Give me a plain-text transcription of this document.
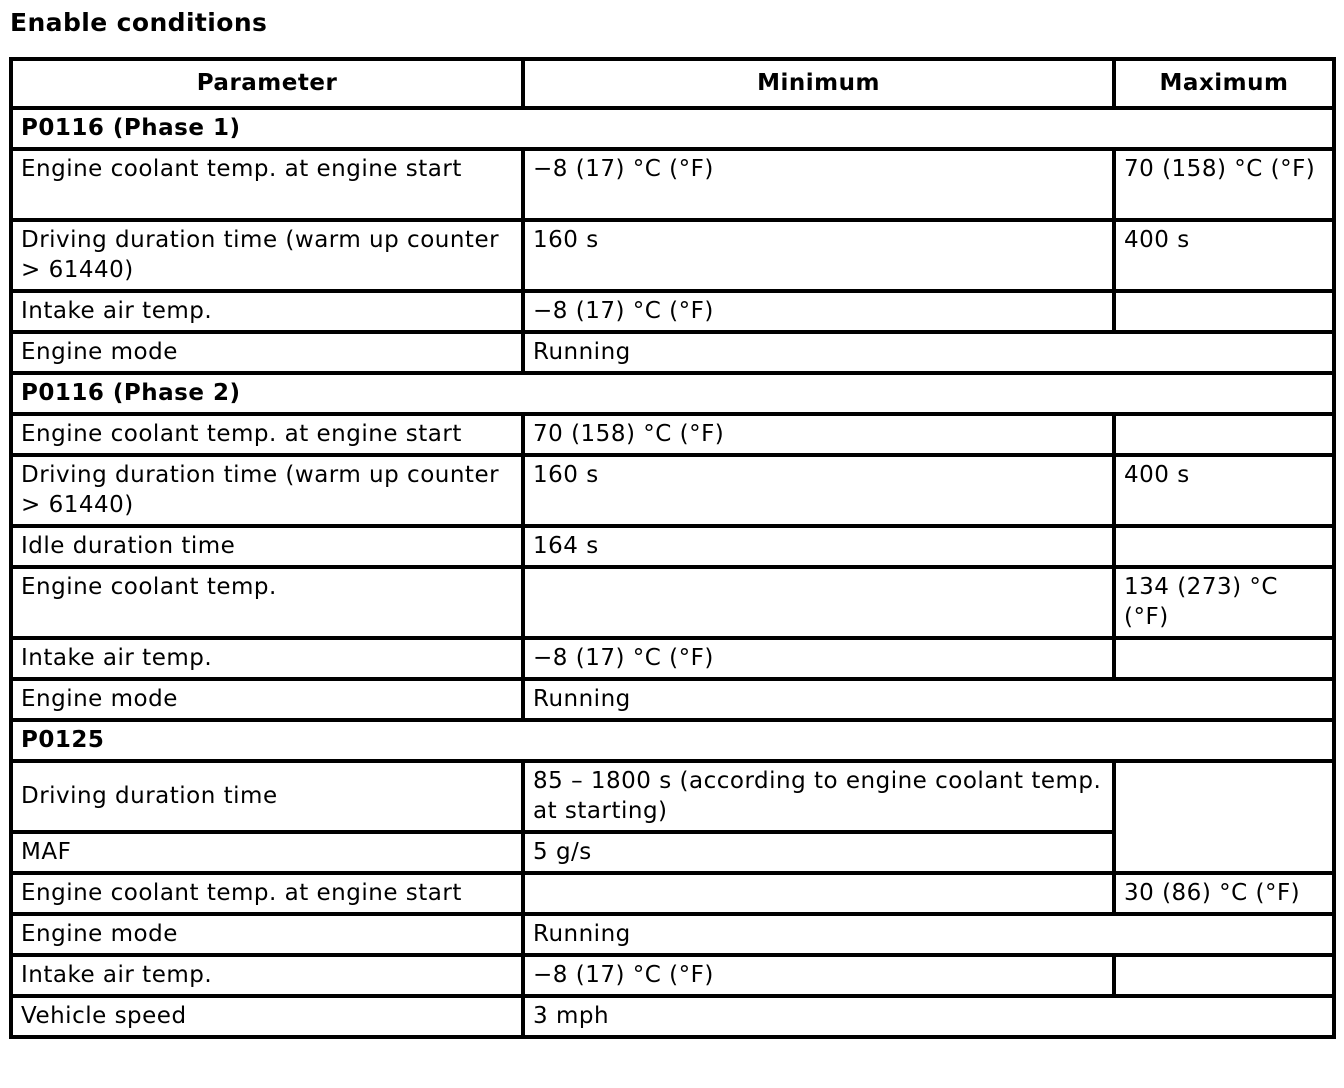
Enable conditions
Parameter	Minimum	Maximum
P0116 (Phase 1)		
Engine coolant temp. at engine start	−8 (17) °C (°F)	70 (158) °C (°F)
Driving duration time (warm up counter > 61440)	160 s	400 s
Intake air temp.	−8 (17) °C (°F)	
Engine mode	Running	
P0116 (Phase 2)		
Engine coolant temp. at engine start	70 (158) °C (°F)	
Driving duration time (warm up counter > 61440)	160 s	400 s
Idle duration time	164 s	
Engine coolant temp.		134 (273) °C (°F)
Intake air temp.	−8 (17) °C (°F)	
Engine mode	Running	
P0125		
Driving duration time	85 – 1800 s (according to engine coolant temp. at starting)	
MAF	5 g/s	
Engine coolant temp. at engine start		30 (86) °C (°F)
Engine mode	Running	
Intake air temp.	−8 (17) °C (°F)	
Vehicle speed	3 mph	
